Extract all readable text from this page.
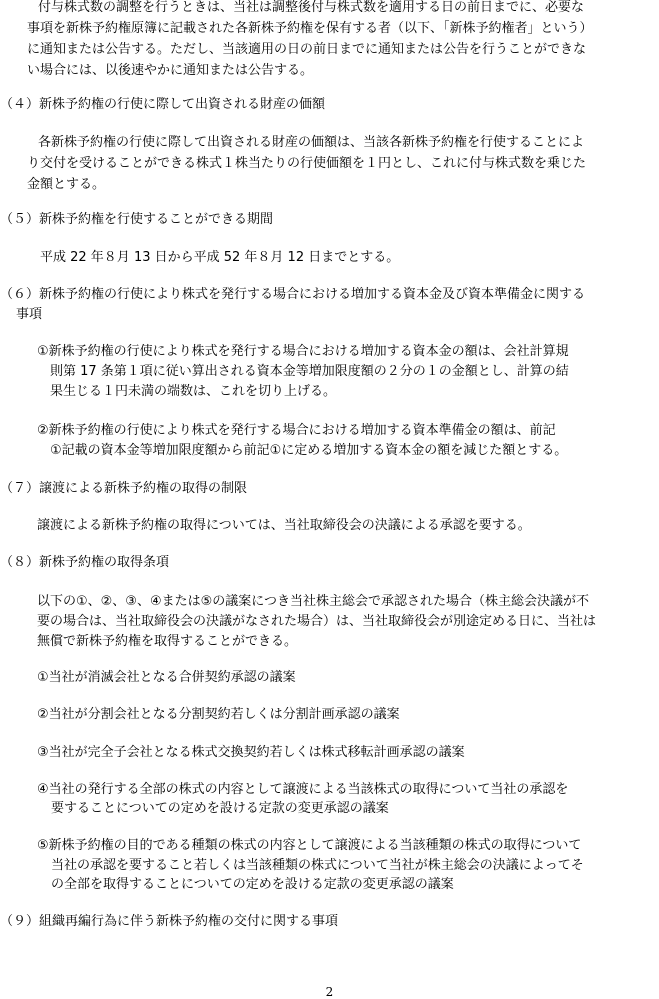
付与株式数の調整を行うときは、当社は調整後付与株式数を適用する日の前日までに、必要な
事項を新株予約権原簿に記載された各新株予約権を保有する者（以下、「新株予約権者」という）
に通知または公告する。ただし、当該適用の日の前日までに通知または公告を行うことができな
い場合には、以後速やかに通知または公告する。
（４）新株予約権の行使に際して出資される財産の価額
各新株予約権の行使に際して出資される財産の価額は、当該各新株予約権を行使することによ
り交付を受けることができる株式１株当たりの行使価額を１円とし、これに付与株式数を乗じた
金額とする。
（５）新株予約権を行使することができる期間
平成 22 年８月 13 日から平成 52 年８月 12 日までとする。
（６）新株予約権の行使により株式を発行する場合における増加する資本金及び資本準備金に関する
事項
①新株予約権の行使により株式を発行する場合における増加する資本金の額は、会社計算規
則第 17 条第１項に従い算出される資本金等増加限度額の２分の１の金額とし、計算の結
果生じる１円未満の端数は、これを切り上げる。
②新株予約権の行使により株式を発行する場合における増加する資本準備金の額は、前記
①記載の資本金等増加限度額から前記①に定める増加する資本金の額を減じた額とする。
（７）譲渡による新株予約権の取得の制限
譲渡による新株予約権の取得については、当社取締役会の決議による承認を要する。
（８）新株予約権の取得条項
以下の①、②、③、④または⑤の議案につき当社株主総会で承認された場合（株主総会決議が不
要の場合は、当社取締役会の決議がなされた場合）は、当社取締役会が別途定める日に、当社は
無償で新株予約権を取得することができる。
①当社が消滅会社となる合併契約承認の議案
②当社が分割会社となる分割契約若しくは分割計画承認の議案
③当社が完全子会社となる株式交換契約若しくは株式移転計画承認の議案
④当社の発行する全部の株式の内容として譲渡による当該株式の取得について当社の承認を
要することについての定めを設ける定款の変更承認の議案
⑤新株予約権の目的である種類の株式の内容として譲渡による当該種類の株式の取得について
当社の承認を要すること若しくは当該種類の株式について当社が株主総会の決議によってそ
の全部を取得することについての定めを設ける定款の変更承認の議案
（９）組織再編行為に伴う新株予約権の交付に関する事項
2
